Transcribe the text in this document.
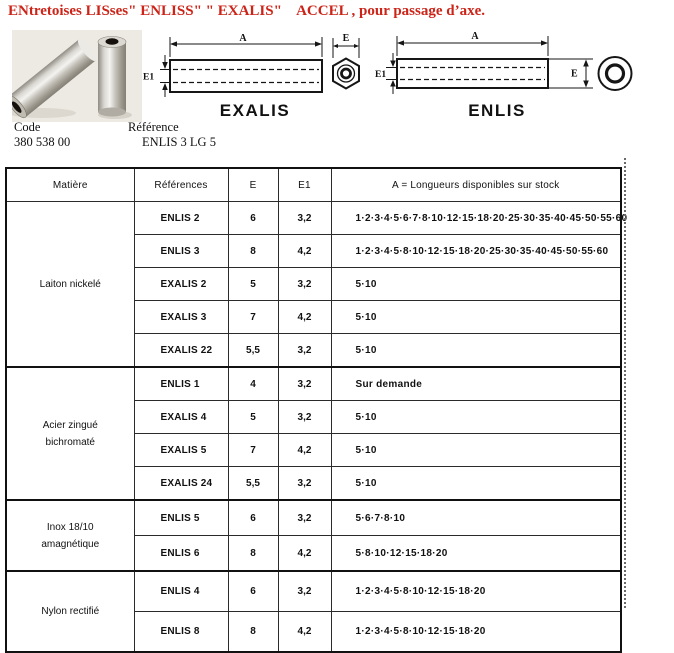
ENtretoises LISses" ENLISS" " EXALIS"    ACCEL , pour passage d’axe.
A
E1
E
EXALIS
A
E1	E
ENLIS
Code	Référence
380 538 00	ENLIS 3 LG 5
Matière	Références	E	E1	A = Longueurs disponibles sur stock
Laiton nickelé	ENLIS 2	6	3,2	1·2·3·4·5·6·7·8·10·12·15·18·20·25·30·35·40·45·50·55·60
	ENLIS 3	8	4,2	1·2·3·4·5·8·10·12·15·18·20·25·30·35·40·45·50·55·60
	EXALIS 2	5	3,2	5·10
	EXALIS 3	7	4,2	5·10
	EXALIS 22	5,5	3,2	5·10
Acier zingué bichromaté	ENLIS 1	4	3,2	Sur demande
	EXALIS 4	5	3,2	5·10
	EXALIS 5	7	4,2	5·10
	EXALIS 24	5,5	3,2	5·10
Inox 18/10 amagnétique	ENLIS 5	6	3,2	5·6·7·8·10
	ENLIS 6	8	4,2	5·8·10·12·15·18·20
Nylon rectifié	ENLIS 4	6	3,2	1·2·3·4·5·8·10·12·15·18·20
	ENLIS 8	8	4,2	1·2·3·4·5·8·10·12·15·18·20
